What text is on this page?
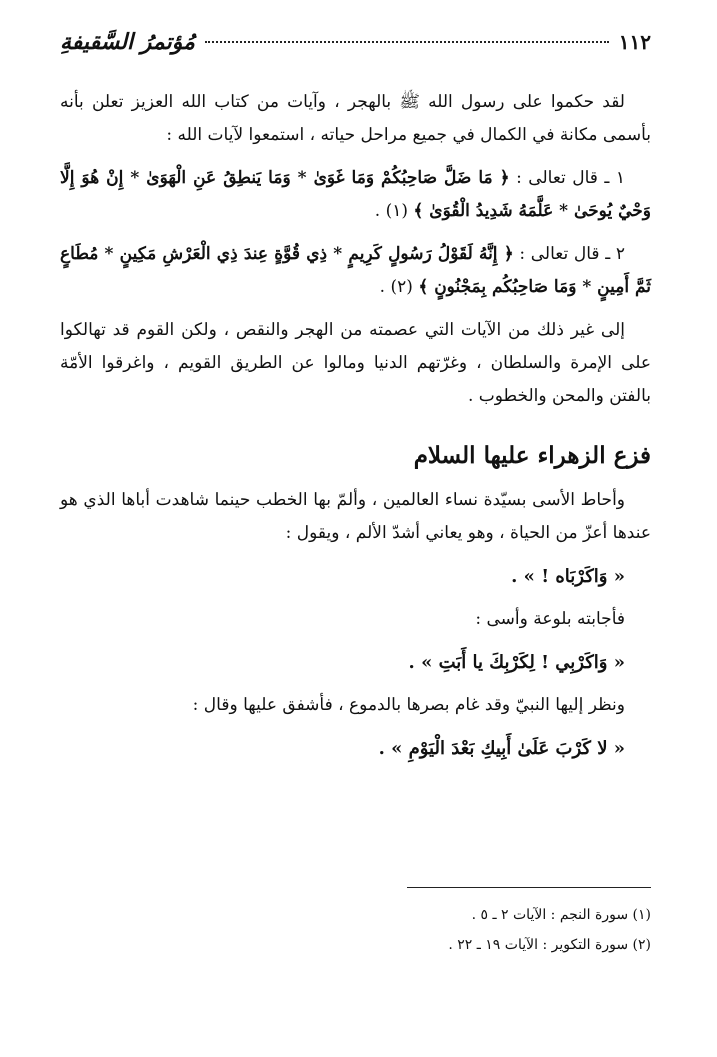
١١٢
مُؤتمرُ السَّقيفةِ

لقد حكموا على رسول الله ﷺ بالهجر ، وآيات من كتاب الله العزيز تعلن بأنه بأسمى مكانة في الكمال في جميع مراحل حياته ، استمعوا لآيات الله :

١ ـ قال تعالى : ﴿ مَا ضَلَّ صَاحِبُكُمْ وَمَا غَوَىٰ * وَمَا يَنطِقُ عَنِ الْهَوَىٰ * إِنْ هُوَ إِلَّا وَحْيٌ يُوحَىٰ * عَلَّمَهُ شَدِيدُ الْقُوَىٰ ﴾ (١) .

٢ ـ قال تعالى : ﴿ إِنَّهُ لَقَوْلُ رَسُولٍ كَرِيمٍ * ذِي قُوَّةٍ عِندَ ذِي الْعَرْشِ مَكِينٍ * مُطَاعٍ ثَمَّ أَمِينٍ * وَمَا صَاحِبُكُم بِمَجْنُونٍ ﴾ (٢) .

إلى غير ذلك من الآيات التي عصمته من الهجر والنقص ، ولكن القوم قد تهالكوا على الإمرة والسلطان ، وغرّتهم الدنيا ومالوا عن الطريق القويم ، واغرقوا الأمّة بالفتن والمحن والخطوب .

فزع الزهراء عليها السلام

وأحاط الأسى بسيّدة نساء العالمين ، وألمّ بها الخطب حينما شاهدت أباها الذي هو عندها أعزّ من الحياة ، وهو يعاني أشدّ الألم ، ويقول :

« وَاكَرْبَاه ! » .

فأجابته بلوعة وأسى :

« وَاكَرْبِي ! لِكَرْبِكَ يا أَبَتِ » .

ونظر إليها النبيّ وقد غام بصرها بالدموع ، فأشفق عليها وقال :

« لا كَرْبَ عَلَىٰ أَبِيكِ بَعْدَ الْيَوْمِ » .

(١) سورة النجم : الآيات ٢ ـ ٥ .

(٢) سورة التكوير : الآيات ١٩ ـ ٢٢ .
